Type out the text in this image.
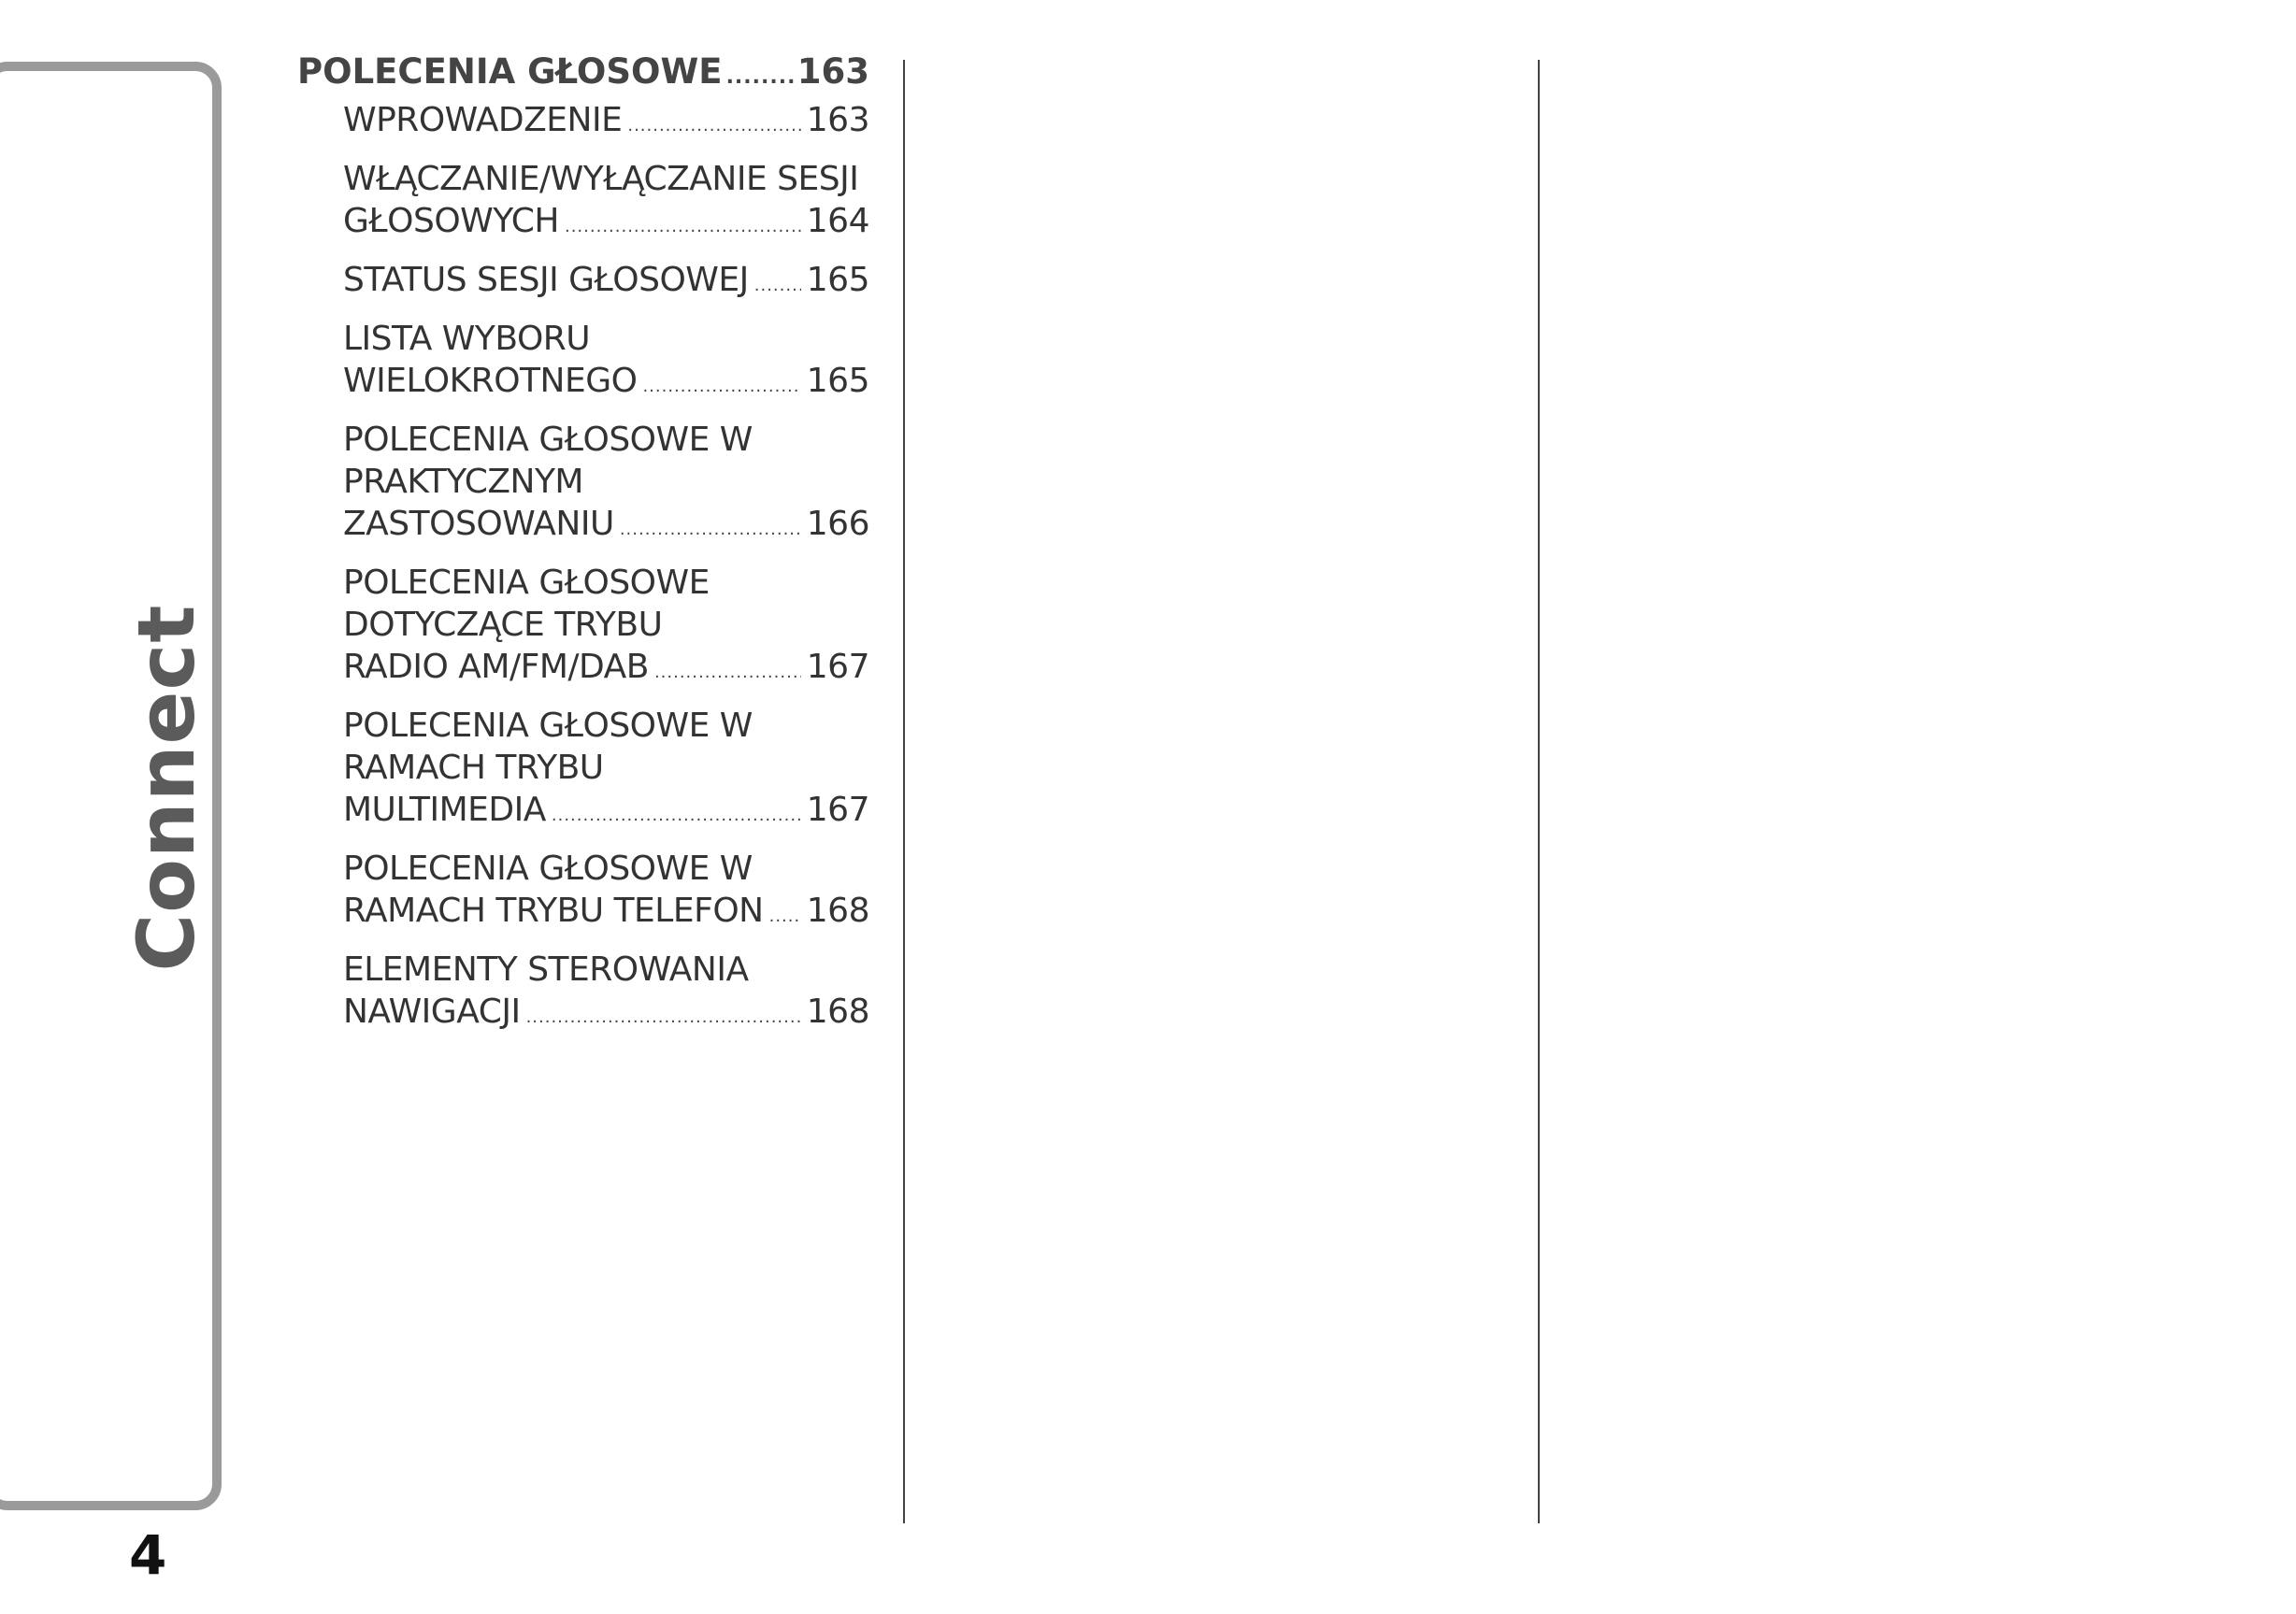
Connect
4
POLECENIA GŁOSOWE ..... 163
WPROWADZENIE .....	163
WŁĄCZANIE/WYŁĄCZANIE SESJI
GŁOSOWYCH .....	164
STATUS SESJI GŁOSOWEJ ..... 165
LISTA WYBORU
WIELOKROTNEGO .....	165
POLECENIA GŁOSOWE W
PRAKTYCZNYM
ZASTOSOWANIU .....	166
POLECENIA GŁOSOWE
DOTYCZĄCE TRYBU
RADIO AM/FM/DAB .....	167
POLECENIA GŁOSOWE W
RAMACH TRYBU
MULTIMEDIA .....	167
POLECENIA GŁOSOWE W
RAMACH TRYBU TELEFON ..... 168
ELEMENTY STEROWANIA
NAWIGACJI .....	168
